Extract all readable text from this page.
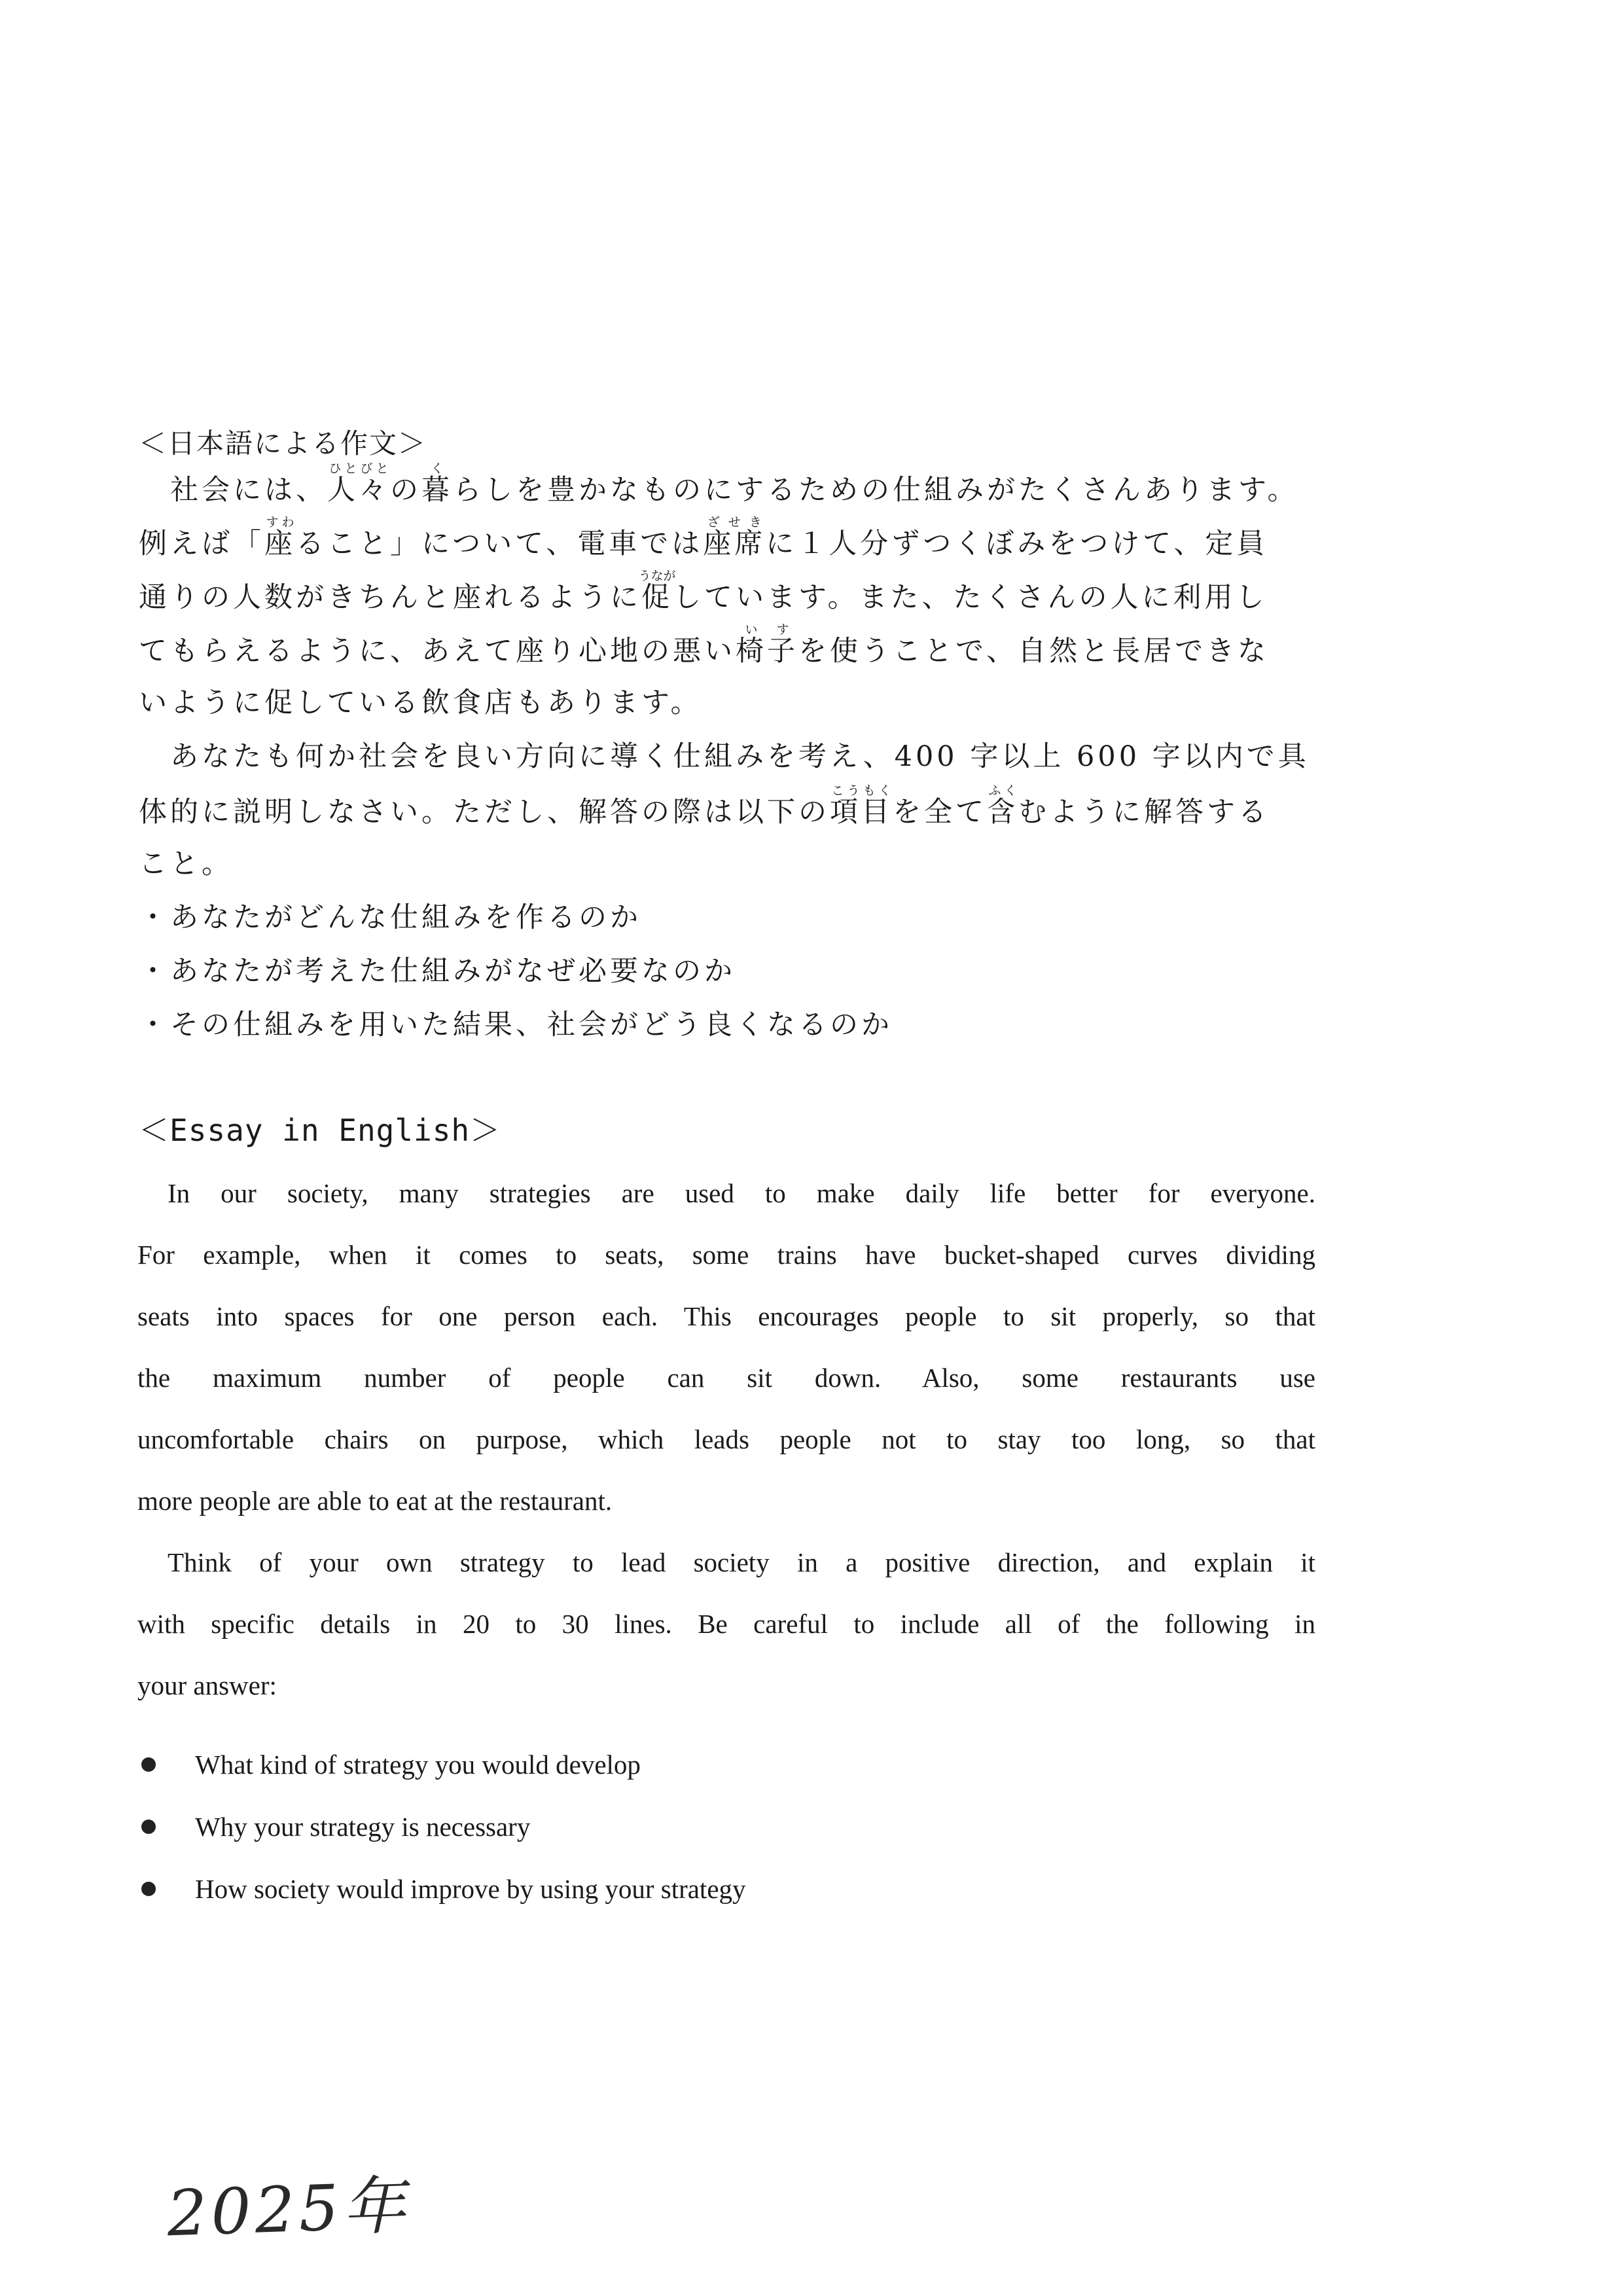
＜日本語による作文＞
　社会には、人々ひとびとの暮くらしを豊かなものにするための仕組みがたくさんあります。
例えば「座すわること」について、電車では座席ざせきに１人分ずつくぼみをつけて、定員
通りの人数がきちんと座れるように促うながしています。また、たくさんの人に利用し
てもらえるように、あえて座り心地の悪い椅子いすを使うことで、自然と長居できな
いように促している飲食店もあります。
　あなたも何か社会を良い方向に導く仕組みを考え、400 字以上 600 字以内で具
体的に説明しなさい。ただし、解答の際は以下の項目こうもくを全て含ふくむように解答する
こと。
・あなたがどんな仕組みを作るのか
・あなたが考えた仕組みがなぜ必要なのか
・その仕組みを用いた結果、社会がどう良くなるのか
＜Essay in English＞
In our society, many strategies are used to make daily life better for everyone.
For example, when it comes to seats, some trains have bucket-shaped curves dividing
seats into spaces for one person each. This encourages people to sit properly, so that
the maximum number of people can sit down. Also, some restaurants use
uncomfortable chairs on purpose, which leads people not to stay too long, so that
more people are able to eat at the restaurant.
Think of your own strategy to lead society in a positive direction, and explain it
with specific details in 20 to 30 lines. Be careful to include all of the following in
your answer:
What kind of strategy you would develop
Why your strategy is necessary
How society would improve by using your strategy
2025年
